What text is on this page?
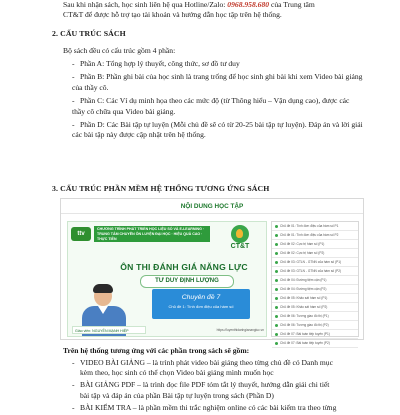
Sau khi nhận sách, học sinh liên hệ qua Hotline/Zalo: 0968.958.680 của Trung tâm

CT&T để được hỗ trợ tạo tài khoản và hướng dẫn học tập trên hệ thống.

2. CẤU TRÚC SÁCH
Bộ sách đều có cấu trúc gồm 4 phần:
- Phần A: Tổng hợp lý thuyết, công thức, sơ đồ tư duy
- Phần B: Phần ghi bài của học sinh là trang trống để học sinh ghi bài khi xem Video bài giảng của thầy cô.
- Phần C: Các Ví dụ minh họa theo các mức độ (từ Thông hiểu – Vận dụng cao), được các thầy cô chữa qua Video bài giảng.
- Phần D: Các Bài tập tự luyện (Mỗi chủ đề sẽ có từ 20-25 bài tập tự luyện). Đáp án và lời giải các bài tập này được cập nhật trên hệ thống.
3. CẤU TRÚC PHẦN MỀM HỆ THỐNG TƯƠNG ỨNG SÁCH
NỘI DUNG HỌC TẬP
ttv
CHƯƠNG TRÌNH PHÁT TRIỂN HỌC LIỆU SỐ VÀ E-LEARNING · TRUNG TÂM CHUYÊN ÔN LUYỆN ĐẠI HỌC · HIỆU QUẢ CAO · THỰC TIỄN
CT&T
ÔN THI ĐÁNH GIÁ NĂNG LỰC
TƯ DUY ĐỊNH LƯỢNG
Chuyên đề 7
Chủ đề 1: Tính đơn điệu của hàm số
Giáo viên: NGUYỄN MẠNH HIỆP	https://luyenthidanhgianangluc.vn
Chủ đề 01: Tính đơn điệu của hàm số P1
Chủ đề 01: Tính đơn điệu của hàm số P2
Chủ đề 02: Cực trị hàm số (P1)
Chủ đề 02: Cực trị hàm số (P2)
Chủ đề 03: GTLN - GTNN của hàm số (P1)
Chủ đề 03: GTLN - GTNN của hàm số (P2)
Chủ đề 04: Đường tiệm cận (P1)
Chủ đề 04: Đường tiệm cận (P2)
Chủ đề 05: Khảo sát hàm số (P1)
Chủ đề 05: Khảo sát hàm số (P2)
Chủ đề 06: Tương giao đồ thị (P1)
Chủ đề 06: Tương giao đồ thị (P2)
Chủ đề 07: Bài toán tiếp tuyến (P1)
Chủ đề 07: Bài toán tiếp tuyến (P2)
Trên hệ thống tương ứng với các phần trong sách sẽ gồm:
- VIDEO BÀI GIẢNG – là trình phát video bài giảng theo từng chủ đề có Danh mục
kèm theo, học sinh có thể chọn Video bài giảng mình muốn học
- BÀI GIẢNG PDF – là trình đọc file PDF tóm tắt lý thuyết, hướng dẫn giải chi tiết
bài tập và đáp án của phần Bài tập tự luyện trong sách (Phần D)
- BÀI KIỂM TRA – là phần mềm thi trắc nghiệm online có các bài kiểm tra theo từng
